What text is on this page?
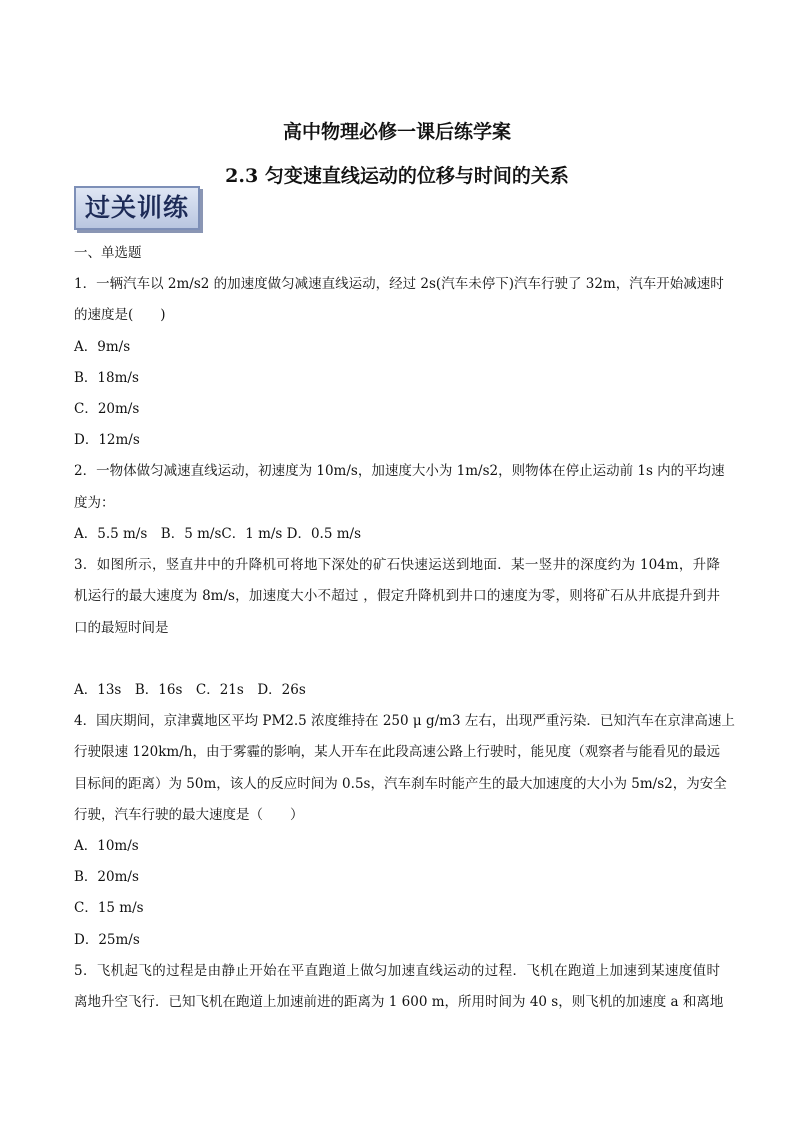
高中物理必修一课后练学案
2.3 匀变速直线运动的位移与时间的关系
过关训练
一、单选题
1．一辆汽车以 2m/s2 的加速度做匀减速直线运动，经过 2s(汽车未停下)汽车行驶了 32m，汽车开始减速时
的速度是(　　)
A．9m/s
B．18m/s
C．20m/s
D．12m/s
2．一物体做匀减速直线运动，初速度为 10m/s，加速度大小为 1m/s2，则物体在停止运动前 1s 内的平均速
度为：
A．5.5 m/s　B．5 m/sC．1 m/s D．0.5 m/s
3．如图所示，竖直井中的升降机可将地下深处的矿石快速运送到地面．某一竖井的深度约为 104m，升降
机运行的最大速度为 8m/s，加速度大小不超过 ，假定升降机到井口的速度为零，则将矿石从井底提升到井
口的最短时间是
A．13s　B．16s　C．21s　D．26s
4．国庆期间，京津冀地区平均 PM2.5 浓度维持在 250 μ g/m3 左右，出现严重污染．已知汽车在京津高速上
行驶限速 120km/h，由于雾霾的影响，某人开车在此段高速公路上行驶时，能见度（观察者与能看见的最远
目标间的距离）为 50m，该人的反应时间为 0.5s，汽车刹车时能产生的最大加速度的大小为 5m/s2，为安全
行驶，汽车行驶的最大速度是（　　）
A．10m/s
B．20m/s
C．15 m/s
D．25m/s
5．飞机起飞的过程是由静止开始在平直跑道上做匀加速直线运动的过程．飞机在跑道上加速到某速度值时
离地升空飞行．已知飞机在跑道上加速前进的距离为 1 600 m，所用时间为 40 s，则飞机的加速度 a 和离地
